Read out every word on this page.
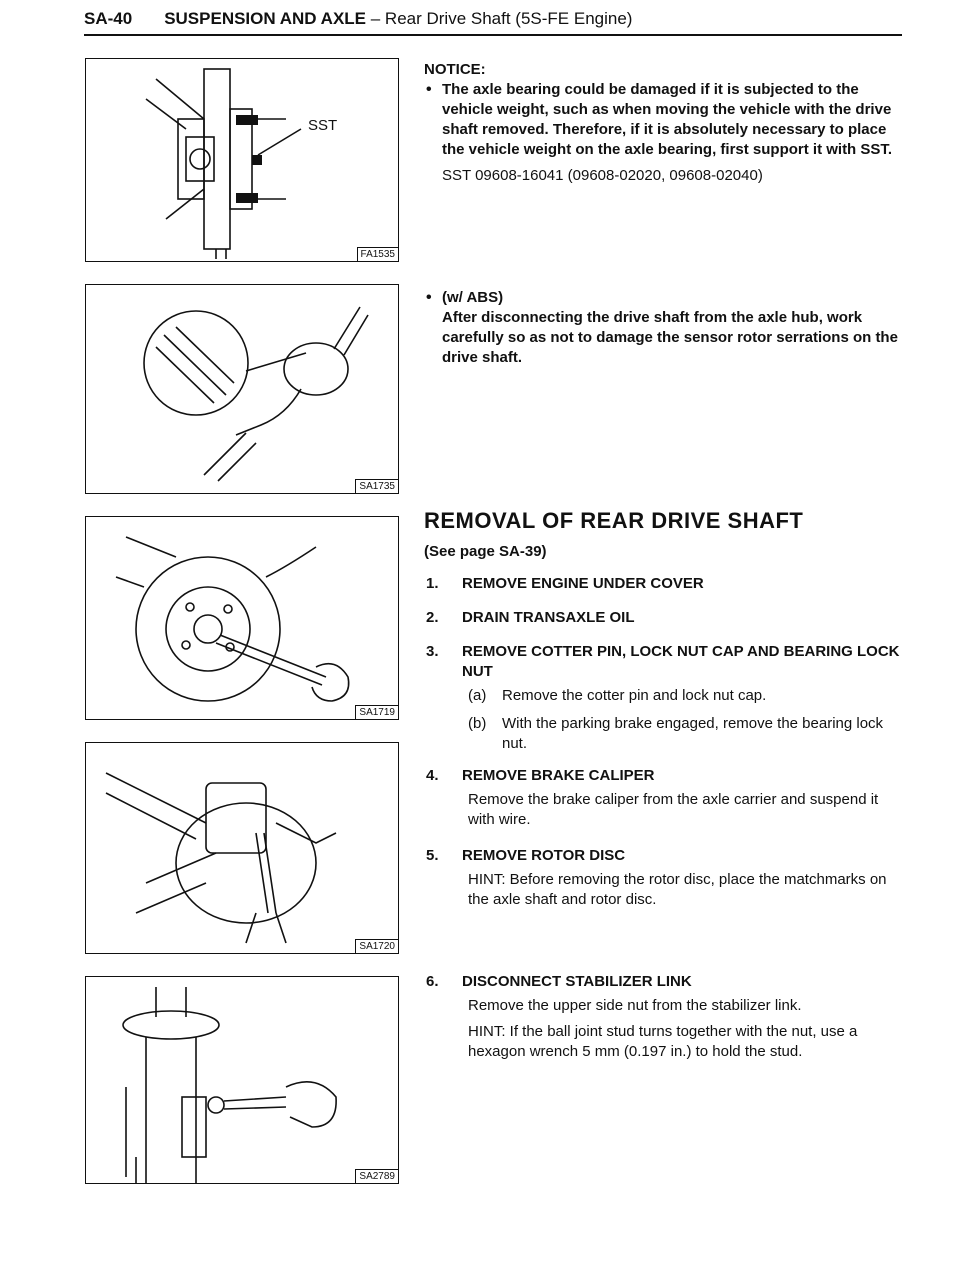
SA-40 SUSPENSION AND AXLE – Rear Drive Shaft (5S-FE Engine)
SST
FA1535
SA1735
SA1719
SA1720
SA2789

NOTICE:

• The axle bearing could be damaged if it is subjected to the vehicle weight, such as when moving the vehicle with the drive shaft removed. Therefore, if it is absolutely necessary to place the vehicle weight on the axle bearing, first support it with SST.

SST 09608-16041 (09608-02020, 09608-02040)

• (w/ ABS)

After disconnecting the drive shaft from the axle hub, work carefully so as not to damage the sensor rotor serrations on the drive shaft.

REMOVAL OF REAR DRIVE SHAFT
(See page SA-39)
1. REMOVE ENGINE UNDER COVER
2. DRAIN TRANSAXLE OIL
3. REMOVE COTTER PIN, LOCK NUT CAP AND BEARING LOCK NUT
(a) Remove the cotter pin and lock nut cap.
(b) With the parking brake engaged, remove the bearing lock nut.
4. REMOVE BRAKE CALIPER
Remove the brake caliper from the axle carrier and suspend it with wire.
5. REMOVE ROTOR DISC
HINT: Before removing the rotor disc, place the matchmarks on the axle shaft and rotor disc.
6. DISCONNECT STABILIZER LINK
Remove the upper side nut from the stabilizer link.
HINT: If the ball joint stud turns together with the nut, use a hexagon wrench 5 mm (0.197 in.) to hold the stud.
